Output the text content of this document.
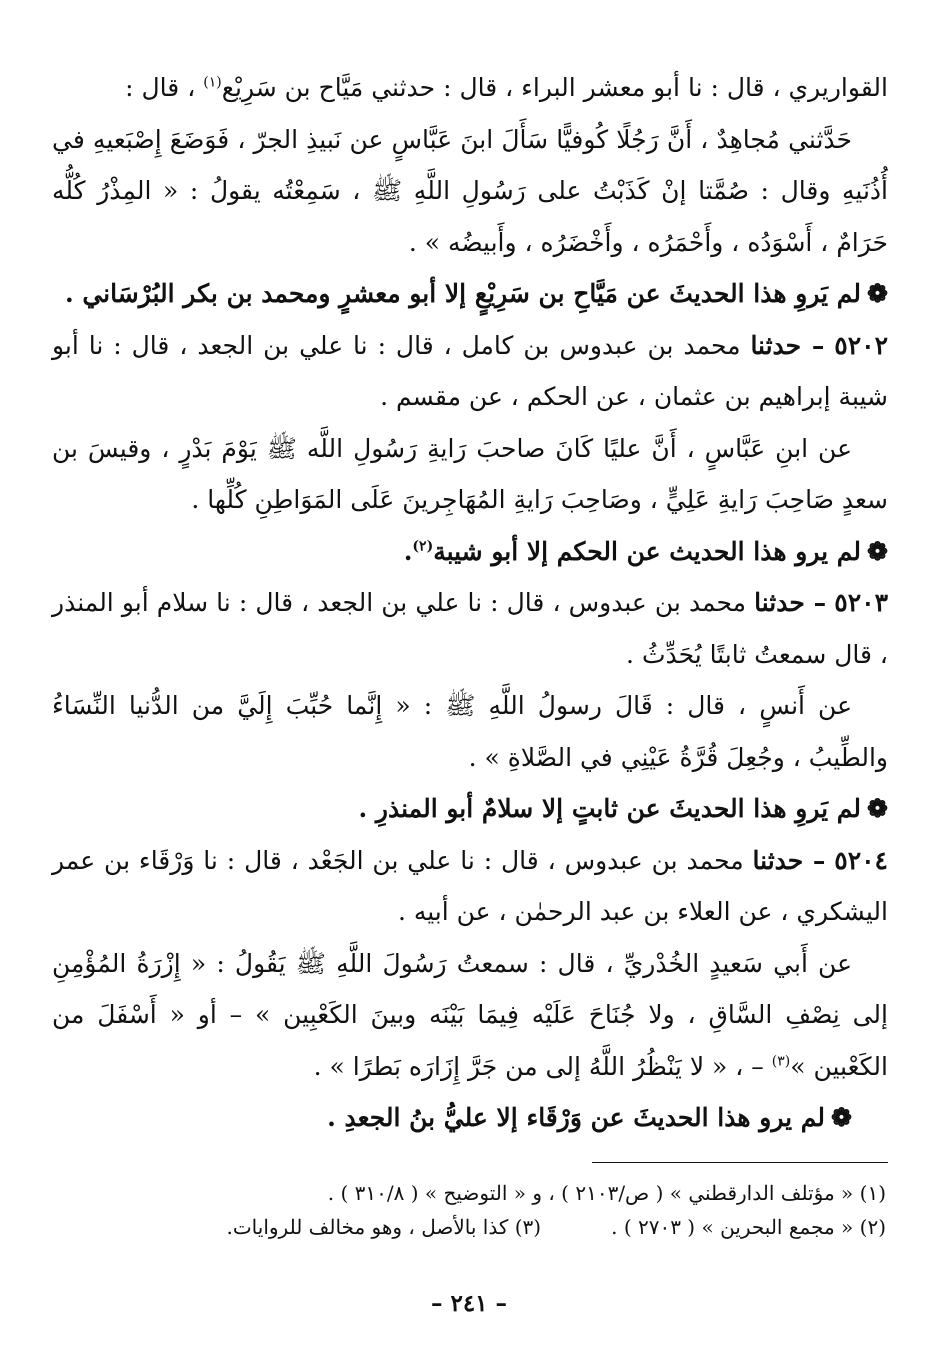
القواريري ، قال : نا أبو معشر البراء ، قال : حدثني مَيَّاح بن سَرِيْع$^{(١)}$ ، قال :

حَدَّثني مُجاهِدٌ ، أَنَّ رَجُلًا كُوفيًّا سَأَلَ ابنَ عَبَّاسٍ عن نَبيذِ الجرّ ، فَوَضَعَ إِصْبَعيهِ في أُذُنَيهِ وقال : صُمَّتا إنْ كَذَبْتُ على رَسُولِ اللَّهِ ﷺ ، سَمِعْتُه يقولُ : « المِذْرُ كُلُّه حَرَامٌ ، أَسْوَدُه ، وأَحْمَرُه ، وأَخْضَرُه ، وأَبيضُه » .

❁لم يَروِ هذا الحديثَ عن مَيَّاحِ بن سَرِيْعٍ إلا أبو معشرٍ ومحمد بن بكر البُرْسَاني .

٥٢٠٢ – حدثنا محمد بن عبدوس بن كامل ، قال : نا علي بن الجعد ، قال : نا أبو شيبة إبراهيم بن عثمان ، عن الحكم ، عن مقسم .

عن ابنِ عَبَّاسٍ ، أَنَّ عليًا كَانَ صاحبَ رَايةِ رَسُولِ اللَّه ﷺ يَوْمَ بَدْرٍ ، وقيسَ بن سعدٍ صَاحِبَ رَايةِ عَلِيٍّ ، وصَاحِبَ رَايةِ المُهَاجِرينَ عَلَى المَوَاطِنِ كُلِّها .

❁لم يرو هذا الحديث عن الحكم إلا أبو شيبة$^{(٢)}$.

٥٢٠٣ – حدثنا محمد بن عبدوس ، قال : نا علي بن الجعد ، قال : نا سلام أبو المنذر ، قال سمعتُ ثابتًا يُحَدِّثُ .

عن أَنسٍ ، قال : قَالَ رسولُ اللَّهِ ﷺ : « إِنَّما حُبِّبَ إِلَيَّ من الدُّنيا النِّسَاءُ والطِّيبُ ، وجُعِلَ قُرَّةُ عَيْنِي في الصَّلاةِ » .

❁لم يَروِ هذا الحديثَ عن ثابتٍ إلا سلامٌ أبو المنذرِ .

٥٢٠٤ – حدثنا محمد بن عبدوس ، قال : نا علي بن الجَعْد ، قال : نا وَرْقَاء بن عمر اليشكري ، عن العلاء بن عبد الرحمٰن ، عن أبيه .

عن أَبي سَعيدٍ الخُدْريِّ ، قال : سمعتُ رَسُولَ اللَّهِ ﷺ يَقُولُ : « إِزْرَةُ المُؤْمِنِ إلى نِصْفِ السَّاقِ ، ولا جُنَاحَ عَلَيْه فِيمَا بَيْنَه وبينَ الكَعْبِين » – أو « أَسْفَلَ من الكَعْبين »$^{(٣)}$ – ، « لا يَنْظُرُ اللَّهُ إلى من جَرَّ إِزَارَه بَطرًا » .

❁لم يرو هذا الحديثَ عن وَرْقَاء إلا عليُّ بنُ الجعدِ .

(١) « مؤتلف الدارقطني » ( ص/٢١٠٣ ) ، و « التوضيح » ( ٣١٠/٨ ) .
(٢) « مجمع البحرين » ( ٢٧٠٣ ) .
(٣) كذا بالأصل ، وهو مخالف للروايات.
– ٢٤١ –
